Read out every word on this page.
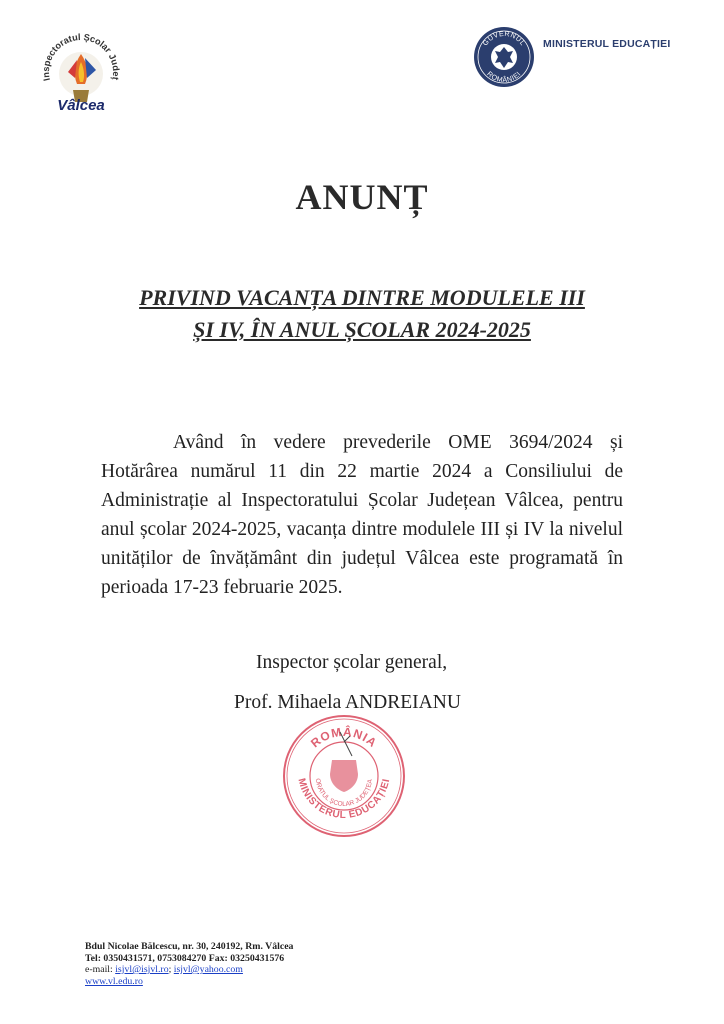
Inspectoratul Școlar Județ
Vâlcea
GUVERNUL
ROMÂNIEI
MINISTERUL EDUCAȚIEI
ANUNȚ
PRIVIND VACANȚA DINTRE MODULELE III
ȘI IV, ÎN ANUL ȘCOLAR 2024-2025
Având în vedere prevederile OME 3694/2024 și Hotărârea numărul 11 din 22 martie 2024 a Consiliului de Administrație al Inspectoratului Școlar Județean Vâlcea, pentru anul școlar 2024-2025, vacanța dintre modulele III și IV la nivelul unităților de învățământ din județul Vâlcea este programată în perioada 17-23 februarie 2025.
Inspector școlar general,
Prof. Mihaela ANDREIANU
ROMÂNIA
MINISTERUL EDUCAȚIEI
ORATUL ȘCOLAR JUDEȚEA
Bdul Nicolae Bălcescu, nr. 30, 240192, Rm. Vâlcea
Tel: 0350431571, 0753084270 Fax: 03250431576
e-mail: isjvl@isjvl.ro; isjvl@yahoo.com
www.vl.edu.ro
